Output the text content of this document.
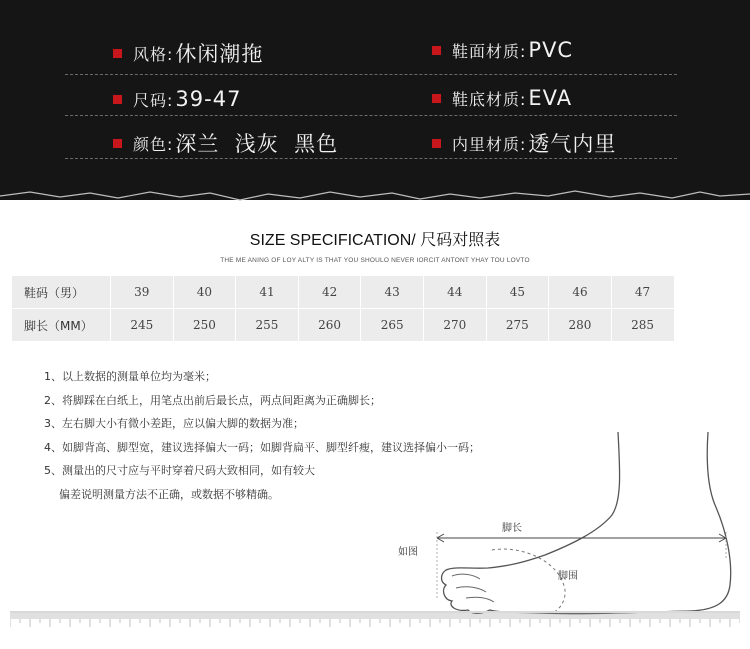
风格: 休闲潮拖	鞋面材质: PVC
尺码: 39-47	鞋底材质: EVA
颜色: 深兰  浅灰  黑色	内里材质: 透气内里
SIZE SPECIFICATION/ 尺码对照表
THE ME ANING OF LOY ALTY IS THAT YOU SHOULO NEVER IORCIT ANTONT YHAY TOU LOVTO
鞋码（男）	39	40	41	42	43	44	45	46	47
脚长（MM）	245	250	255	260	265	270	275	280	285
1、以上数据的测量单位均为毫米；
2、将脚踩在白纸上，用笔点出前后最长点，两点间距离为正确脚长；
3、左右脚大小有微小差距，应以偏大脚的数据为准；
4、如脚背高、脚型宽，建议选择偏大一码；如脚背扁平、脚型纤瘦，建议选择偏小一码；
5、测量出的尺寸应与平时穿着尺码大致相同，如有较大
偏差说明测量方法不正确，或数据不够精确。
脚长
如图
脚围
